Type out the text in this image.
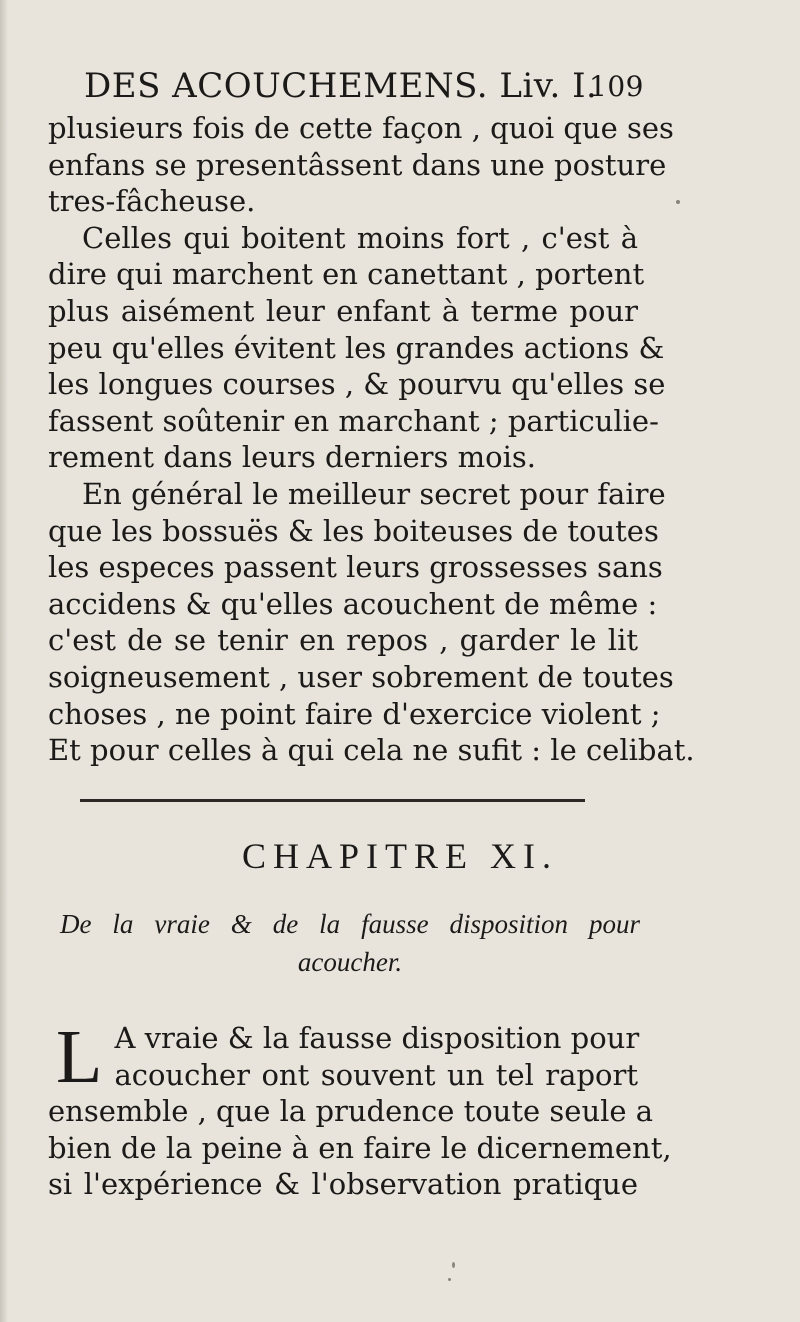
DES ACOUCHEMENS. Liv. I.
109
plusieurs fois de cette façon , quoi que ses
enfans se presentâssent dans une posture
tres-fâcheuse.
Celles qui boitent moins fort , c'est à
dire qui marchent en canettant , portent
plus aisément leur enfant à terme pour
peu qu'elles évitent les grandes actions &
les longues courses , & pourvu qu'elles se
fassent soûtenir en marchant ; particulie-
rement dans leurs derniers mois.
En général le meilleur secret pour faire
que les bossuës & les boiteuses de toutes
les especes passent leurs grossesses sans
accidens & qu'elles acouchent de même :
c'est de se tenir en repos , garder le lit
soigneusement , user sobrement de toutes
choses , ne point faire d'exercice violent ;
Et pour celles à qui cela ne sufit : le celibat.
CHAPITRE XI.
De la vraie & de la fausse disposition pour
acoucher.
L A vraie & la fausse disposition pour
acoucher ont souvent un tel raport
ensemble , que la prudence toute seule a
bien de la peine à en faire le dicernement,
si l'expérience & l'observation pratique
